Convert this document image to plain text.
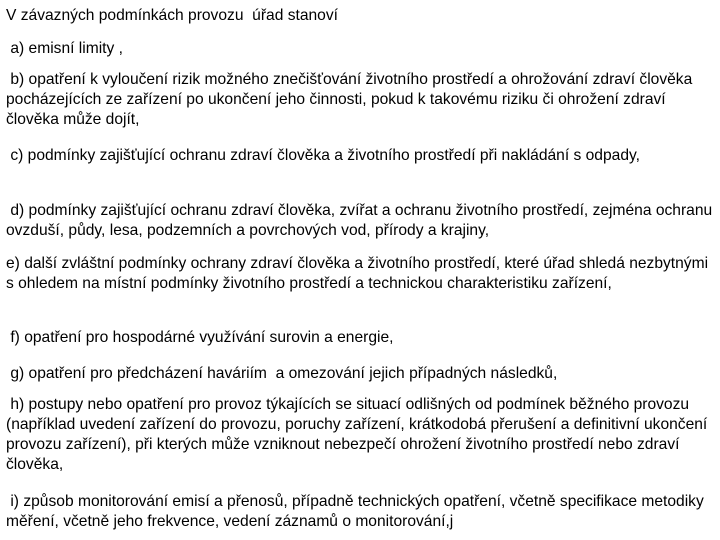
V závazných podmínkách provozu  úřad stanoví

a) emisní limity ,

b) opatření k vyloučení rizik možného znečišťování životního prostředí a ohrožování zdraví člověka pocházejících ze zařízení po ukončení jeho činnosti, pokud k takovému riziku či ohrožení zdraví člověka může dojít,

c) podmínky zajišťující ochranu zdraví člověka a životního prostředí při nakládání s odpady,

d) podmínky zajišťující ochranu zdraví člověka, zvířat a ochranu životního prostředí, zejména ochranu ovzduší, půdy, lesa, podzemních a povrchových vod, přírody a krajiny,

e) další zvláštní podmínky ochrany zdraví člověka a životního prostředí, které úřad shledá nezbytnými s ohledem na místní podmínky životního prostředí a technickou charakteristiku zařízení,

f) opatření pro hospodárné využívání surovin a energie,

g) opatření pro předcházení haváriím  a omezování jejich případných následků,

h) postupy nebo opatření pro provoz týkajících se situací odlišných od podmínek běžného provozu (například uvedení zařízení do provozu, poruchy zařízení, krátkodobá přerušení a definitivní ukončení provozu zařízení), při kterých může vzniknout nebezpečí ohrožení životního prostředí nebo zdraví člověka,

i) způsob monitorování emisí a přenosů, případně technických opatření, včetně specifikace metodiky měření, včetně jeho frekvence, vedení záznamů o monitorování,j
